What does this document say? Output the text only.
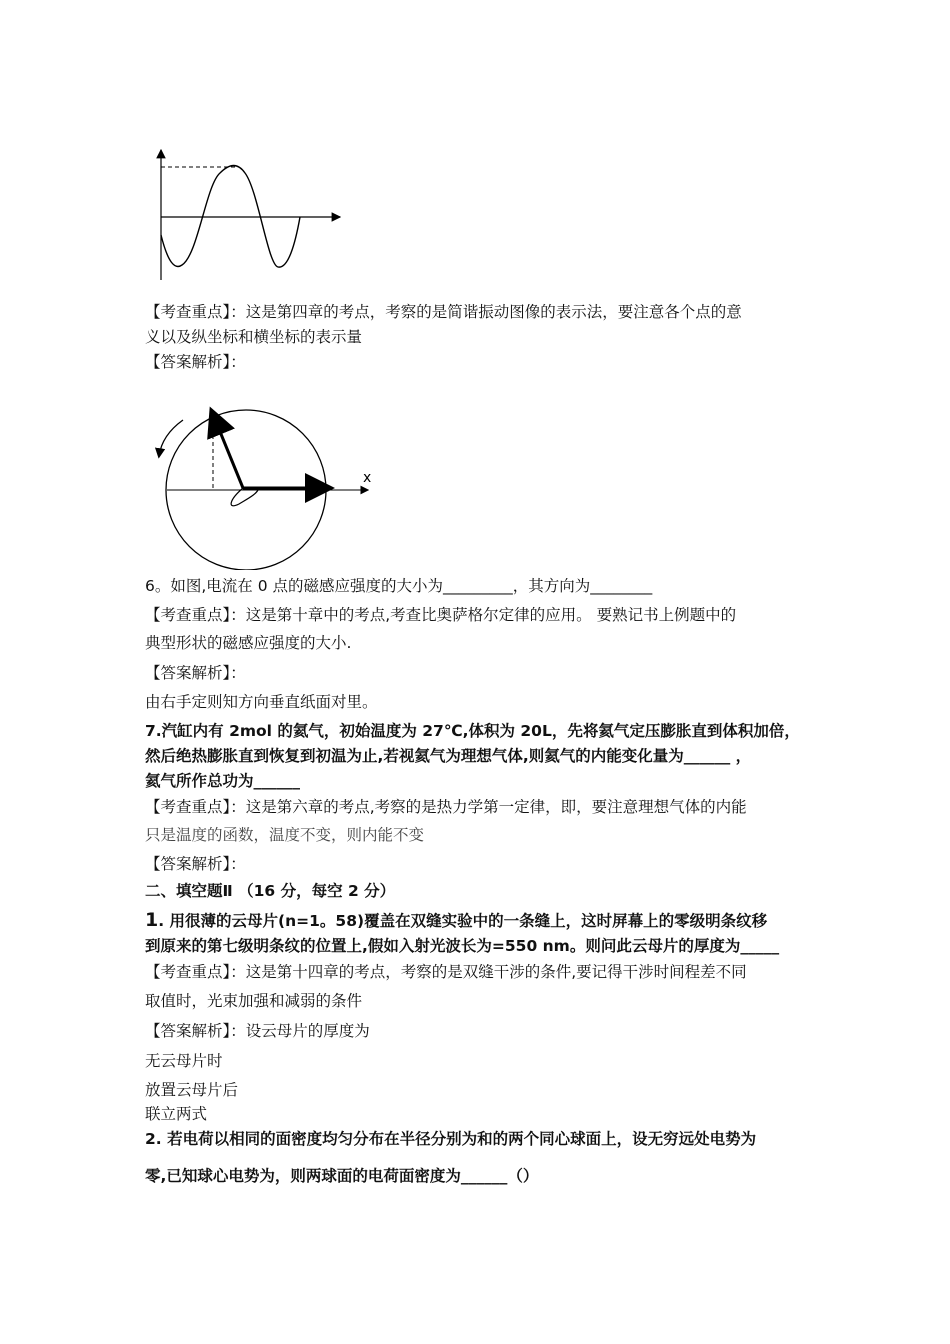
【考查重点】：这是第四章的考点，考察的是简谐振动图像的表示法，要注意各个点的意
义以及纵坐标和横坐标的表示量
【答案解析】：
x
6。如图,电流在 0 点的磁感应强度的大小为_________，其方向为________
【考查重点】：这是第十章中的考点,考查比奥萨格尔定律的应用。 要熟记书上例题中的
典型形状的磁感应强度的大小.
【答案解析】：
由右手定则知方向垂直纸面对里。
7.汽缸内有 2mol 的氦气，初始温度为 27℃,体积为 20L，先将氦气定压膨胀直到体积加倍，
然后绝热膨胀直到恢复到初温为止,若视氦气为理想气体,则氦气的内能变化量为______ ，
氦气所作总功为______
【考查重点】：这是第六章的考点,考察的是热力学第一定律，即，要注意理想气体的内能
只是温度的函数，温度不变，则内能不变
【答案解析】：
二、填空题Ⅱ （16 分，每空 2 分）
1. 用很薄的云母片(n=1。58)覆盖在双缝实验中的一条缝上，这时屏幕上的零级明条纹移
到原来的第七级明条纹的位置上,假如入射光波长为=550 nm。则问此云母片的厚度为_____
【考查重点】：这是第十四章的考点，考察的是双缝干涉的条件,要记得干涉时间程差不同
取值时，光束加强和减弱的条件
【答案解析】：设云母片的厚度为
无云母片时
放置云母片后
联立两式
2. 若电荷以相同的面密度均匀分布在半径分别为和的两个同心球面上，设无穷远处电势为
零,已知球心电势为，则两球面的电荷面密度为______（）
